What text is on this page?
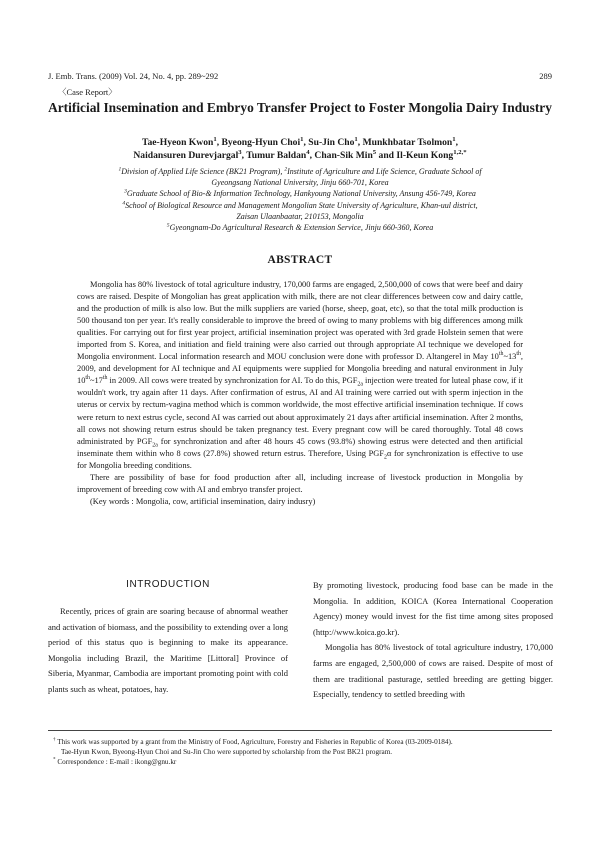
J. Emb. Trans. (2009) Vol. 24, No. 4, pp. 289~292	289
〈Case Report〉
Artificial Insemination and Embryo Transfer Project to Foster Mongolia Dairy Industry
Tae-Hyeon Kwon$^1$, Byeong-Hyun Choi$^1$, Su-Jin Cho$^1$, Munkhbatar Tsolmon$^1$,
Naidansuren Durevjargal$^3$, Tumur Baldan$^4$, Chan-Sik Min$^5$ and Il-Keun Kong$^{1,2,*}$
$^1$Division of Applied Life Science (BK21 Program), $^2$Institute of Agriculture and Life Science, Graduate School of
Gyeongsang National University, Jinju 660-701, Korea
$^3$Graduate School of Bio-& Information Technology, Hankyoung National University, Ansung 456-749, Korea
$^4$School of Biological Resource and Management Mongolian State University of Agriculture, Khan-uul district,
Zaisan Ulaanbaatar, 210153, Mongolia
$^5$Gyeongnam-Do Agricultural Research & Extension Service, Jinju 660-360, Korea
ABSTRACT

Mongolia has 80% livestock of total agriculture industry, 170,000 farms are engaged, 2,500,000 of cows that were beef and dairy cows are raised. Despite of Mongolian has great application with milk, there are not clear differences between cow and dairy cattle, and the production of milk is also low. But the milk suppliers are varied (horse, sheep, goat, etc), so that the total milk production is 500 thousand ton per year. It's really considerable to improve the breed of owing to many problems with big differences among milk qualities. For carrying out for first year project, artificial insemination project was operated with 3rd grade Holstein semen that were imported from S. Korea, and initiation and field training were also carried out through appropriate AI technique we developed for Mongolia environment. Local information research and MOU conclusion were done with professor D. Altangerel in May 10th~13th, 2009, and development for AI technique and AI equipments were supplied for Mongolia breeding and natural environment in July 10th~17th in 2009. All cows were treated by synchronization for AI. To do this, $PGF_{2a}$ injection were treated for luteal phase cow, if it wouldn't work, try again after 11 days. After confirmation of estrus, AI and AI training were carried out with sperm injection in the uterus or cervix by rectum-vagina method which is common worldwide, the most effective artificial insemination technique. If cows were return to next estrus cycle, second AI was carried out about approximately 21 days after artificial insemination. After 2 months, all cows not showing return estrus should be taken pregnancy test. Every pregnant cow will be cared thoroughly. Total 48 cows administrated by $PGF_{2a}$ for synchronization and after 48 hours 45 cows (93.8%) showing estrus were detected and then artificial inseminate them within who 8 cows (27.8%) showed return estrus. Therefore, Using $PGF_2\alpha$ for synchronization is effective to use for Mongolia breeding conditions.

There are possibility of base for food production after all, including increase of livestock production in Mongolia by improvement of breeding cow with AI and embryo transfer project.

(Key words : Mongolia, cow, artificial insemination, dairy indusry)

INTRODUCTION

Recently, prices of grain are soaring because of abnormal weather and activation of biomass, and the possibility to extending over a long period of this status quo is beginning to make its appearance. Mongolia including Brazil, the Maritime [Littoral] Province of Siberia, Myanmar, Cambodia are important promoting point with cold plants such as wheat, potatoes, hay.

By promoting livestock, producing food base can be made in the Mongolia. In addition, KOICA (Korea International Cooperation Agency) money would invest for the fist time among sites proposed (http://www.koica.go.kr).

Mongolia has 80% livestock of total agriculture industry, 170,000 farms are engaged, 2,500,000 of cows are raised. Despite of most of them are traditional pasturage, settled breeding are getting bigger. Especially, tendency to settled breeding with

† This work was supported by a grant from the Ministry of Food, Agriculture, Forestry and Fisheries in Republic of Korea (03-2009-0184).
Tae-Hyun Kwon, Byeong-Hyun Choi and Su-Jin Cho were supported by scholarship from the Post BK21 program.
* Correspondence : E-mail : ikong@gnu.kr
